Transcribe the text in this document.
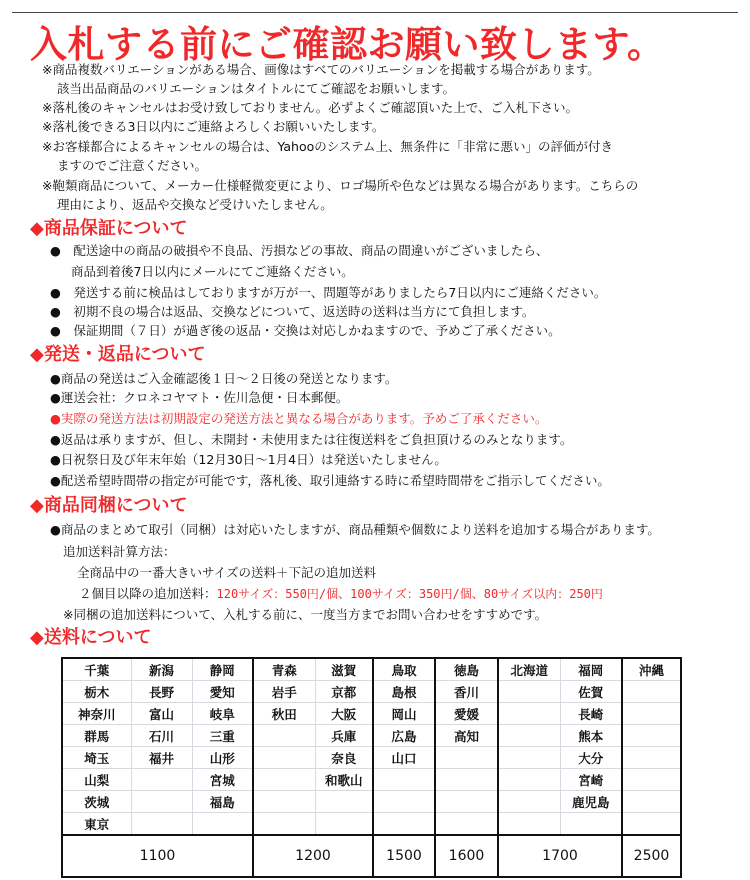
入札する前にご確認お願い致します。
※商品複数バリエーションがある場合、画像はすべてのバリエーションを掲載する場合があります。
該当出品商品のバリエーションはタイトルにてご確認をお願いします。
※落札後のキャンセルはお受け致しておりません。必ずよくご確認頂いた上で、ご入札下さい。
※落札後できる3日以内にご連絡よろしくお願いいたします。
※お客様都合によるキャンセルの場合は、Yahooのシステム上、無条件に「非常に悪い」の評価が付き
ますのでご注意ください。
※鞄類商品について、メーカー仕様軽微変更により、ロゴ場所や色などは異なる場合があります。こちらの
理由により、返品や交換など受けいたしません。
◆商品保証について
●　配送途中の商品の破損や不良品、汚損などの事故、商品の間違いがございましたら、
商品到着後7日以内にメールにてご連絡ください。
●　発送する前に検品はしておりますが万が一、問題等がありましたら7日以内にご連絡ください。
●　初期不良の場合は返品、交換などについて、返送時の送料は当方にて負担します。
●　保証期間（７日）が過ぎ後の返品・交換は対応しかねますので、予めご了承ください。
◆発送・返品について
●商品の発送はご入金確認後１日～２日後の発送となります。
●運送会社：クロネコヤマト・佐川急便・日本郵便。
●実際の発送方法は初期設定の発送方法と異なる場合があります。予めご了承ください。
●返品は承りますが、但し、未開封・未使用または往復送料をご負担頂けるのみとなります。
●日祝祭日及び年末年始（12月30日～1月4日）は発送いたしません。
●配送希望時間帯の指定が可能です，落札後、取引連絡する時に希望時間帯をご指示してください。
◆商品同梱について
●商品のまとめて取引（同梱）は対応いたしますが、商品種類や個数により送料を追加する場合があります。
追加送料計算方法：
全商品中の一番大きいサイズの送料＋下記の追加送料
２個目以降の追加送料：120サイズ：550円/個、100サイズ：350円/個、80サイズ以内：250円
※同梱の追加送料について、入札する前に、一度当方までお問い合わせをすすめです。
◆送料について
千葉	新潟	静岡	青森	滋賀	鳥取	徳島	北海道	福岡	沖縄
栃木	長野	愛知	岩手	京都	島根	香川		佐賀	
神奈川	富山	岐阜	秋田	大阪	岡山	愛媛		長崎	
群馬	石川	三重		兵庫	広島	高知		熊本	
埼玉	福井	山形		奈良	山口			大分	
山梨		宮城		和歌山				宮崎	
茨城		福島						鹿児島	
東京									
1100			1200		1500	1600	1700		2500
